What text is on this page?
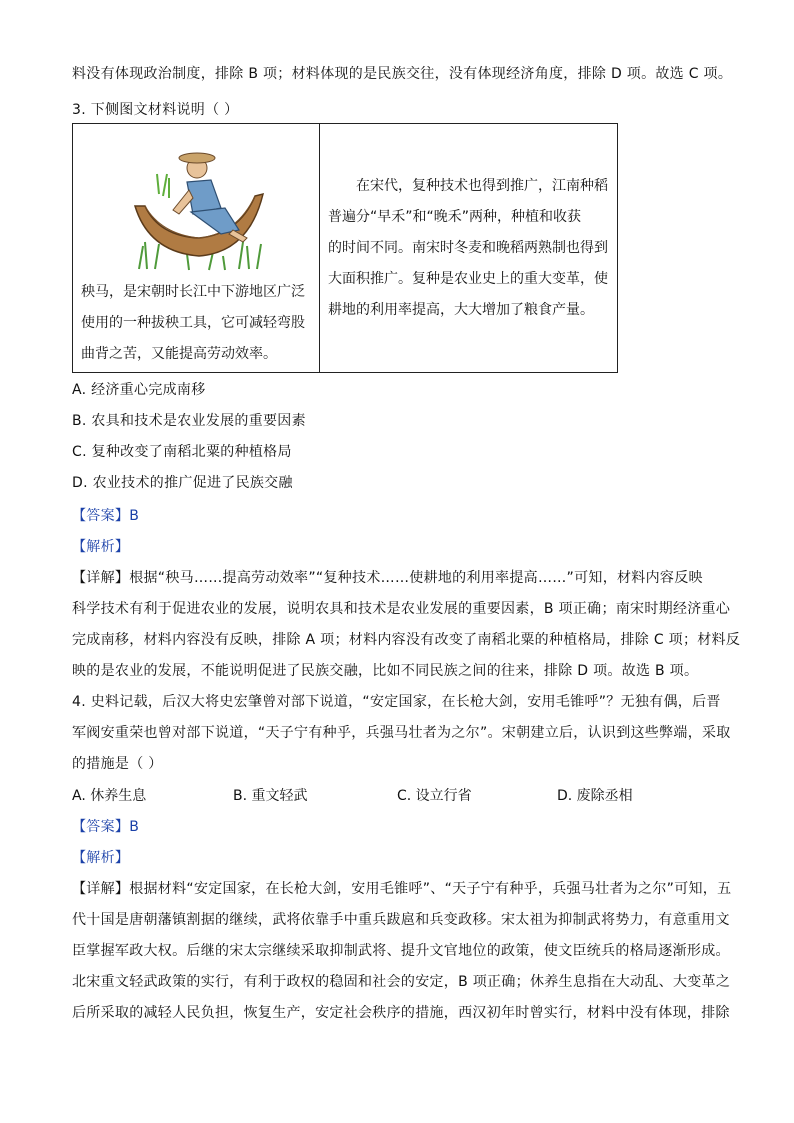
料没有体现政治制度，排除 B 项；材料体现的是民族交往，没有体现经济角度，排除 D 项。故选 C 项。
3. 下侧图文材料说明（ ）
秧马，是宋朝时长江中下游地区广泛
使用的一种拔秧工具，它可减轻弯股
曲背之苦，又能提高劳动效率。

　　在宋代，复种技术也得到推广，江南种稻
普遍分“早禾”和“晚禾”两种，种植和收获
的时间不同。南宋时冬麦和晚稻两熟制也得到
大面积推广。复种是农业史上的重大变革，使
耕地的利用率提高，大大增加了粮食产量。
A. 经济重心完成南移
B. 农具和技术是农业发展的重要因素
C. 复种改变了南稻北粟的种植格局
D. 农业技术的推广促进了民族交融
【答案】B
【解析】
【详解】根据“秧马……提高劳动效率”“复种技术……使耕地的利用率提高……”可知，材料内容反映
科学技术有利于促进农业的发展，说明农具和技术是农业发展的重要因素，B 项正确；南宋时期经济重心
完成南移，材料内容没有反映，排除 A 项；材料内容没有改变了南稻北粟的种植格局，排除 C 项；材料反
映的是农业的发展，不能说明促进了民族交融，比如不同民族之间的往来，排除 D 项。故选 B 项。
4. 史料记载，后汉大将史宏肇曾对部下说道，“安定国家，在长枪大剑，安用毛锥呼”？无独有偶，后晋
军阀安重荣也曾对部下说道，“天子宁有种乎，兵强马壮者为之尔”。宋朝建立后，认识到这些弊端，采取
的措施是（ ）
A. 休养生息	B. 重文轻武	C. 设立行省	D. 废除丞相
【答案】B
【解析】
【详解】根据材料“安定国家，在长枪大剑，安用毛锥呼”、“天子宁有种乎，兵强马壮者为之尔”可知，五
代十国是唐朝藩镇割据的继续，武将依靠手中重兵跋扈和兵变政移。宋太祖为抑制武将势力，有意重用文
臣掌握军政大权。后继的宋太宗继续采取抑制武将、提升文官地位的政策，使文臣统兵的格局逐渐形成。
北宋重文轻武政策的实行，有利于政权的稳固和社会的安定，B 项正确；休养生息指在大动乱、大变革之
后所采取的减轻人民负担，恢复生产，安定社会秩序的措施，西汉初年时曾实行，材料中没有体现，排除
